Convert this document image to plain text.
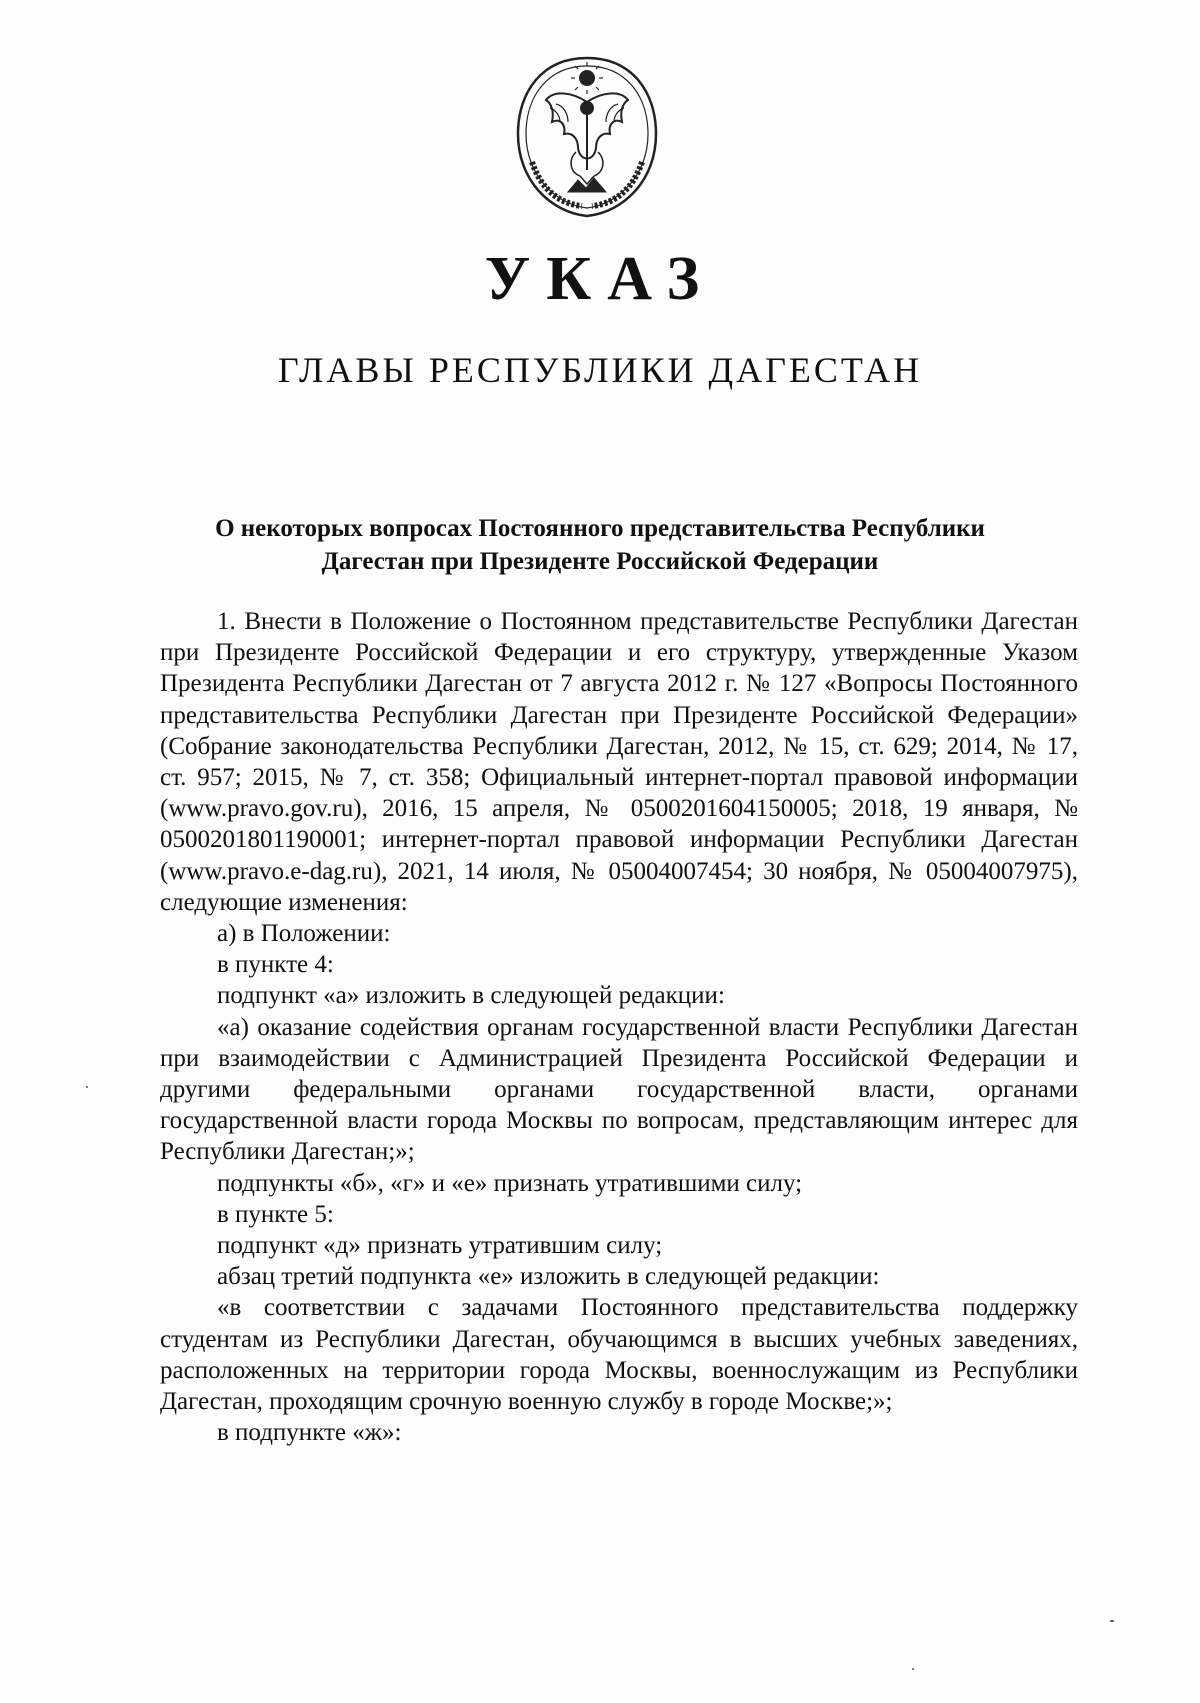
УКАЗ
ГЛАВЫ РЕСПУБЛИКИ ДАГЕСТАН
О некоторых вопросах Постоянного представительства Республики
Дагестан при Президенте Российской Федерации

1. Внести в Положение о Постоянном представительстве Республики Дагестан при Президенте Российской Федерации и его структуру, утвержденные Указом Президента Республики Дагестан от 7 августа 2012 г. № 127 «Вопросы Постоянного представительства Республики Дагестан при Президенте Российской Федерации» (Собрание законодательства Республики Дагестан, 2012, № 15, ст. 629; 2014, № 17, ст. 957; 2015, № 7, ст. 358; Официальный интернет-портал правовой информации (www.pravo.gov.ru), 2016, 15 апреля, № 0500201604150005; 2018, 19 января, № 0500201801190001; интернет-портал правовой информации Республики Дагестан (www.pravo.e-dag.ru), 2021, 14 июля, № 05004007454; 30 ноября, № 05004007975), следующие изменения:

а) в Положении:

в пункте 4:

подпункт «а» изложить в следующей редакции:

«а) оказание содействия органам государственной власти Республики Дагестан при взаимодействии с Администрацией Президента Российской Федерации и другими федеральными органами государственной власти, органами государственной власти города Москвы по вопросам, представляющим интерес для Республики Дагестан;»;

подпункты «б», «г» и «е» признать утратившими силу;

в пункте 5:

подпункт «д» признать утратившим силу;

абзац третий подпункта «е» изложить в следующей редакции:

«в соответствии с задачами Постоянного представительства поддержку студентам из Республики Дагестан, обучающимся в высших учебных заведениях, расположенных на территории города Москвы, военнослужащим из Республики Дагестан, проходящим срочную военную службу в городе Москве;»;

в подпункте «ж»:
